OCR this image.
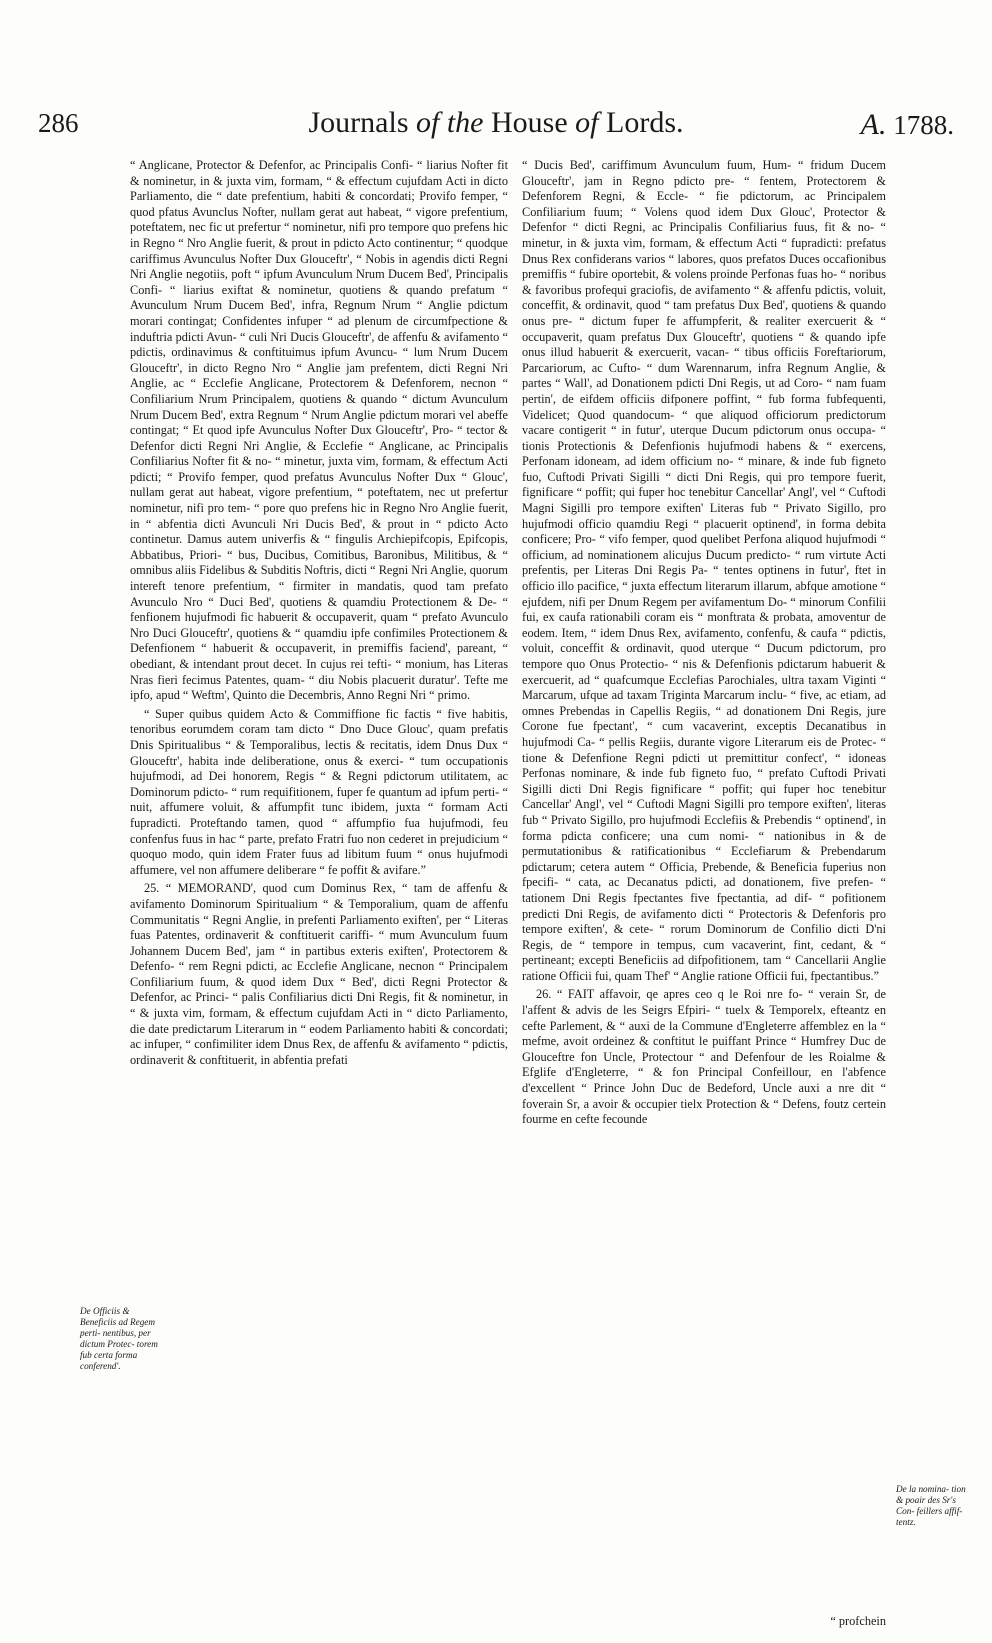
286	Journals of the House of Lords.	A. 1788.

“ Anglicane, Protector & Defenfor, ac Principalis Confi- “ liarius Nofter fit & nominetur, in & juxta vim, formam, “ & effectum cujufdam Acti in dicto Parliamento, die “ date prefentium, habiti & concordati; Provifo femper, “ quod pfatus Avunclus Nofter, nullam gerat aut habeat, “ vigore prefentium, poteftatem, nec fic ut prefertur “ nominetur, nifi pro tempore quo prefens hic in Regno “ Nro Anglie fuerit, & prout in pdicto Acto continentur; “ quodque cariffimus Avunculus Nofter Dux Glouceftr', “ Nobis in agendis dicti Regni Nri Anglie negotiis, poft “ ipfum Avunculum Nrum Ducem Bed', Principalis Confi- “ liarius exiftat & nominetur, quotiens & quando prefatum “ Avunculum Nrum Ducem Bed', infra, Regnum Nrum “ Anglie pdictum morari contingat; Confidentes infuper “ ad plenum de circumfpectione & induftria pdicti Avun- “ culi Nri Ducis Glouceftr', de affenfu & avifamento “ pdictis, ordinavimus & conftituimus ipfum Avuncu- “ lum Nrum Ducem Glouceftr', in dicto Regno Nro “ Anglie jam prefentem, dicti Regni Nri Anglie, ac “ Ecclefie Anglicane, Protectorem & Defenforem, necnon “ Confiliarium Nrum Principalem, quotiens & quando “ dictum Avunculum Nrum Ducem Bed', extra Regnum “ Nrum Anglie pdictum morari vel abeffe contingat; “ Et quod ipfe Avunculus Nofter Dux Glouceftr', Pro- “ tector & Defenfor dicti Regni Nri Anglie, & Ecclefie “ Anglicane, ac Principalis Confiliarius Nofter fit & no- “ minetur, juxta vim, formam, & effectum Acti pdicti; “ Provifo femper, quod prefatus Avunculus Nofter Dux “ Glouc', nullam gerat aut habeat, vigore prefentium, “ poteftatem, nec ut prefertur nominetur, nifi pro tem- “ pore quo prefens hic in Regno Nro Anglie fuerit, in “ abfentia dicti Avunculi Nri Ducis Bed', & prout in “ pdicto Acto continetur. Damus autem univerfis & “ fingulis Archiepifcopis, Epifcopis, Abbatibus, Priori- “ bus, Ducibus, Comitibus, Baronibus, Militibus, & “ omnibus aliis Fidelibus & Subditis Noftris, dicti “ Regni Nri Anglie, quorum intereft tenore prefentium, “ firmiter in mandatis, quod tam prefato Avunculo Nro “ Duci Bed', quotiens & quamdiu Protectionem & De- “ fenfionem hujufmodi fic habuerit & occupaverit, quam “ prefato Avunculo Nro Duci Glouceftr', quotiens & “ quamdiu ipfe confimiles Protectionem & Defenfionem “ habuerit & occupaverit, in premiffis faciend', pareant, “ obediant, & intendant prout decet. In cujus rei tefti- “ monium, has Literas Nras fieri fecimus Patentes, quam- “ diu Nobis placuerit duratur'. Tefte me ipfo, apud “ Weftm', Quinto die Decembris, Anno Regni Nri “ primo.

“ Super quibus quidem Acto & Commiffione fic factis “ five habitis, tenoribus eorumdem coram tam dicto “ Dno Duce Glouc', quam prefatis Dnis Spiritualibus “ & Temporalibus, lectis & recitatis, idem Dnus Dux “ Glouceftr', habita inde deliberatione, onus & exerci- “ tum occupationis hujufmodi, ad Dei honorem, Regis “ & Regni pdictorum utilitatem, ac Dominorum pdicto- “ rum requifitionem, fuper fe quantum ad ipfum perti- “ nuit, affumere voluit, & affumpfit tunc ibidem, juxta “ formam Acti fupradicti. Proteftando tamen, quod “ affumpfio fua hujufmodi, feu confenfus fuus in hac “ parte, prefato Fratri fuo non cederet in prejudicium “ quoquo modo, quin idem Frater fuus ad libitum fuum “ onus hujufmodi affumere, vel non affumere deliberare “ fe poffit & avifare.”

25. “ MEMORAND', quod cum Dominus Rex, “ tam de affenfu & avifamento Dominorum Spiritualium “ & Temporalium, quam de affenfu Communitatis “ Regni Anglie, in prefenti Parliamento exiften', per “ Literas fuas Patentes, ordinaverit & conftituerit cariffi- “ mum Avunculum fuum Johannem Ducem Bed', jam “ in partibus exteris exiften', Protectorem & Defenfo- “ rem Regni pdicti, ac Ecclefie Anglicane, necnon “ Principalem Confiliarium fuum, & quod idem Dux “ Bed', dicti Regni Protector & Defenfor, ac Princi- “ palis Confiliarius dicti Dni Regis, fit & nominetur, in “ & juxta vim, formam, & effectum cujufdam Acti in “ dicto Parliamento, die date predictarum Literarum in “ eodem Parliamento habiti & concordati; ac infuper, “ confimiliter idem Dnus Rex, de affenfu & avifamento “ pdictis, ordinaverit & conftituerit, in abfentia prefati

“ Ducis Bed', cariffimum Avunculum fuum, Hum- “ fridum Ducem Glouceftr', jam in Regno pdicto pre- “ fentem, Protectorem & Defenforem Regni, & Eccle- “ fie pdictorum, ac Principalem Confiliarium fuum; “ Volens quod idem Dux Glouc', Protector & Defenfor “ dicti Regni, ac Principalis Confiliarius fuus, fit & no- “ minetur, in & juxta vim, formam, & effectum Acti “ fupradicti: prefatus Dnus Rex confiderans varios “ labores, quos prefatos Duces occafionibus premiffis “ fubire oportebit, & volens proinde Perfonas fuas ho- “ noribus & favoribus profequi graciofis, de avifamento “ & affenfu pdictis, voluit, conceffit, & ordinavit, quod “ tam prefatus Dux Bed', quotiens & quando onus pre- “ dictum fuper fe affumpferit, & realiter exercuerit & “ occupaverit, quam prefatus Dux Glouceftr', quotiens “ & quando ipfe onus illud habuerit & exercuerit, vacan- “ tibus officiis Foreftariorum, Parcariorum, ac Cufto- “ dum Warennarum, infra Regnum Anglie, & partes “ Wall', ad Donationem pdicti Dni Regis, ut ad Coro- “ nam fuam pertin', de eifdem officiis difponere poffint, “ fub forma fubfequenti, Videlicet; Quod quandocum- “ que aliquod officiorum predictorum vacare contigerit “ in futur', uterque Ducum pdictorum onus occupa- “ tionis Protectionis & Defenfionis hujufmodi habens & “ exercens, Perfonam idoneam, ad idem officium no- “ minare, & inde fub figneto fuo, Cuftodi Privati Sigilli “ dicti Dni Regis, qui pro tempore fuerit, fignificare “ poffit; qui fuper hoc tenebitur Cancellar' Angl', vel “ Cuftodi Magni Sigilli pro tempore exiften' Literas fub “ Privato Sigillo, pro hujufmodi officio quamdiu Regi “ placuerit optinend', in forma debita conficere; Pro- “ vifo femper, quod quelibet Perfona aliquod hujufmodi “ officium, ad nominationem alicujus Ducum predicto- “ rum virtute Acti prefentis, per Literas Dni Regis Pa- “ tentes optinens in futur', ftet in officio illo pacifice, “ juxta effectum literarum illarum, abfque amotione “ ejufdem, nifi per Dnum Regem per avifamentum Do- “ minorum Confilii fui, ex caufa rationabili coram eis “ monftrata & probata, amoventur de eodem. Item, “ idem Dnus Rex, avifamento, confenfu, & caufa “ pdictis, voluit, conceffit & ordinavit, quod uterque “ Ducum pdictorum, pro tempore quo Onus Protectio- “ nis & Defenfionis pdictarum habuerit & exercuerit, ad “ quafcumque Ecclefias Parochiales, ultra taxam Viginti “ Marcarum, ufque ad taxam Triginta Marcarum inclu- “ five, ac etiam, ad omnes Prebendas in Capellis Regiis, “ ad donationem Dni Regis, jure Corone fue fpectant', “ cum vacaverint, exceptis Decanatibus in hujufmodi Ca- “ pellis Regiis, durante vigore Literarum eis de Protec- “ tione & Defenfione Regni pdicti ut premittitur confect', “ idoneas Perfonas nominare, & inde fub figneto fuo, “ prefato Cuftodi Privati Sigilli dicti Dni Regis fignificare “ poffit; qui fuper hoc tenebitur Cancellar' Angl', vel “ Cuftodi Magni Sigilli pro tempore exiften', literas fub “ Privato Sigillo, pro hujufmodi Ecclefiis & Prebendis “ optinend', in forma pdicta conficere; una cum nomi- “ nationibus in & de permutationibus & ratificationibus “ Ecclefiarum & Prebendarum pdictarum; cetera autem “ Officia, Prebende, & Beneficia fuperius non fpecifi- “ cata, ac Decanatus pdicti, ad donationem, five prefen- “ tationem Dni Regis fpectantes five fpectantia, ad dif- “ pofitionem predicti Dni Regis, de avifamento dicti “ Protectoris & Defenforis pro tempore exiften', & cete- “ rorum Dominorum de Confilio dicti D'ni Regis, de “ tempore in tempus, cum vacaverint, fint, cedant, & “ pertineant; excepti Beneficiis ad difpofitionem, tam “ Cancellarii Anglie ratione Officii fui, quam Thef' “ Anglie ratione Officii fui, fpectantibus.”

26. “ FAIT affavoir, qe apres ceo q le Roi nre fo- “ verain Sr, de l'affent & advis de les Seigrs Efpiri- “ tuelx & Temporelx, efteantz en cefte Parlement, & “ auxi de la Commune d'Engleterre affemblez en la “ mefme, avoit ordeinez & conftitut le puiffant Prince “ Humfrey Duc de Glouceftre fon Uncle, Protectour “ and Defenfour de les Roialme & Efglife d'Engleterre, “ & fon Principal Confeillour, en l'abfence d'excellent “ Prince John Duc de Bedeford, Uncle auxi a nre dit “ foverain Sr, a avoir & occupier tielx Protection & “ Defens, foutz certein fourme en cefte fecounde

De Officiis & Beneficiis ad Regem perti- nentibus, per dictum Protec- torem fub certa forma conferend'.
De la nomina- tion & poair des Sr's Con- feillers affif- tentz.
“ profchein
